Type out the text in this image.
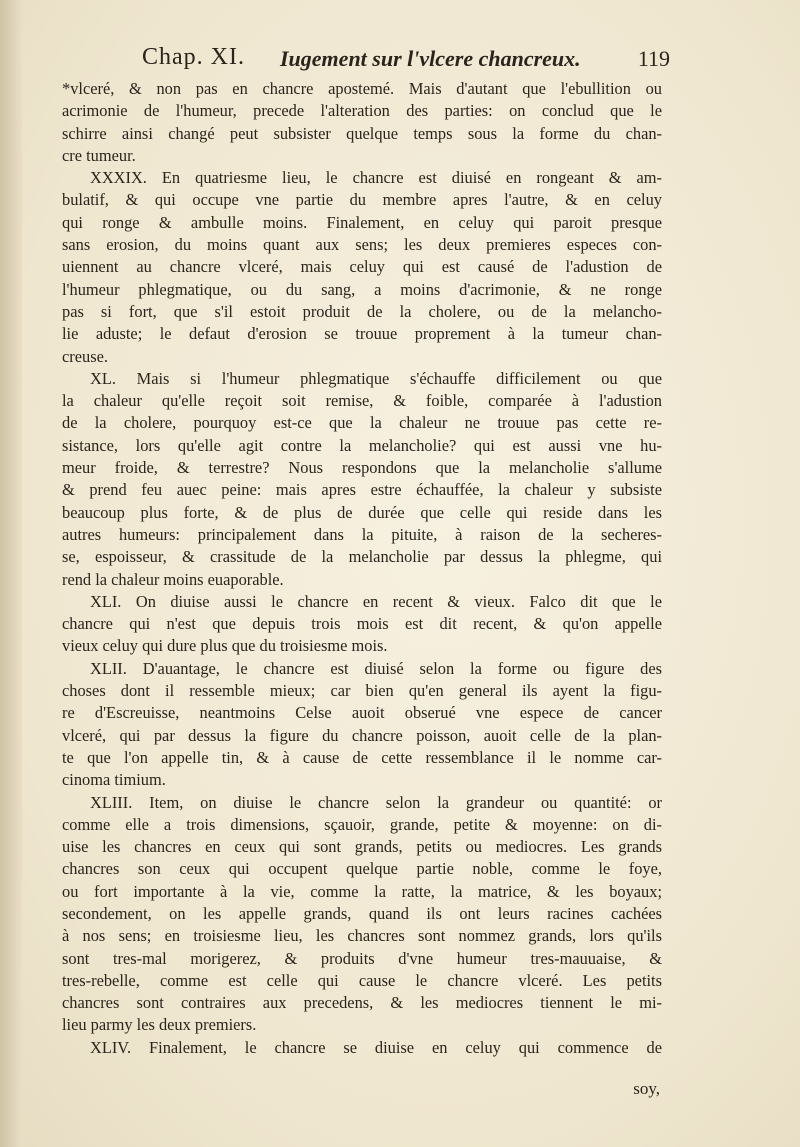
Chap. XI. Iugement sur l'vlcere chancreux.	119
*vlceré, & non pas en chancre apostemé. Mais d'autant que l'ebullition ou
acrimonie de l'humeur, precede l'alteration des parties: on conclud que le
schirre ainsi changé peut subsister quelque temps sous la forme du chan-
cre tumeur.
XXXIX. En quatriesme lieu, le chancre est diuisé en rongeant & am-
bulatif, & qui occupe vne partie du membre apres l'autre, & en celuy
qui ronge & ambulle moins. Finalement, en celuy qui paroit presque
sans erosion, du moins quant aux sens; les deux premieres especes con-
uiennent au chancre vlceré, mais celuy qui est causé de l'adustion de
l'humeur phlegmatique, ou du sang, a moins d'acrimonie, & ne ronge
pas si fort, que s'il estoit produit de la cholere, ou de la melancho-
lie aduste; le defaut d'erosion se trouue proprement à la tumeur chan-
creuse.
XL. Mais si l'humeur phlegmatique s'échauffe difficilement ou que
la chaleur qu'elle reçoit soit remise, & foible, comparée à l'adustion
de la cholere, pourquoy est-ce que la chaleur ne trouue pas cette re-
sistance, lors qu'elle agit contre la melancholie? qui est aussi vne hu-
meur froide, & terrestre? Nous respondons que la melancholie s'allume
& prend feu auec peine: mais apres estre échauffée, la chaleur y subsiste
beaucoup plus forte, & de plus de durée que celle qui reside dans les
autres humeurs: principalement dans la pituite, à raison de la secheres-
se, espoisseur, & crassitude de la melancholie par dessus la phlegme, qui
rend la chaleur moins euaporable.
XLI. On diuise aussi le chancre en recent & vieux. Falco dit que le
chancre qui n'est que depuis trois mois est dit recent, & qu'on appelle
vieux celuy qui dure plus que du troisiesme mois.
XLII. D'auantage, le chancre est diuisé selon la forme ou figure des
choses dont il ressemble mieux; car bien qu'en general ils ayent la figu-
re d'Escreuisse, neantmoins Celse auoit obserué vne espece de cancer
vlceré, qui par dessus la figure du chancre poisson, auoit celle de la plan-
te que l'on appelle tin, & à cause de cette ressemblance il le nomme car-
cinoma timium.
XLIII. Item, on diuise le chancre selon la grandeur ou quantité: or
comme elle a trois dimensions, sçauoir, grande, petite & moyenne: on di-
uise les chancres en ceux qui sont grands, petits ou mediocres. Les grands
chancres son ceux qui occupent quelque partie noble, comme le foye,
ou fort importante à la vie, comme la ratte, la matrice, & les boyaux;
secondement, on les appelle grands, quand ils ont leurs racines cachées
à nos sens; en troisiesme lieu, les chancres sont nommez grands, lors qu'ils
sont tres-mal morigerez, & produits d'vne humeur tres-mauuaise, &
tres-rebelle, comme est celle qui cause le chancre vlceré. Les petits
chancres sont contraires aux precedens, & les mediocres tiennent le mi-
lieu parmy les deux premiers.
XLIV. Finalement, le chancre se diuise en celuy qui commence de
soy,
